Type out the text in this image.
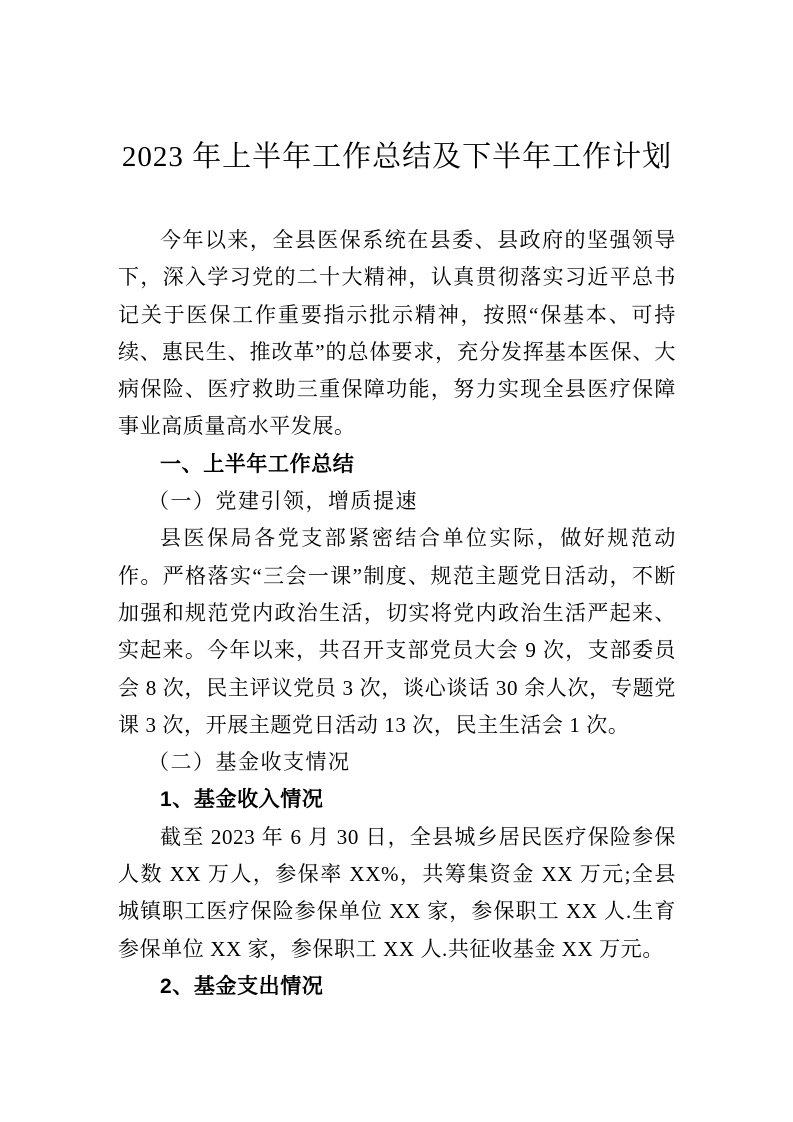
2023 年上半年工作总结及下半年工作计划

今年以来，全县医保系统在县委、县政府的坚强领导下，深入学习党的二十大精神，认真贯彻落实习近平总书记关于医保工作重要指示批示精神，按照“保基本、可持续、惠民生、推改革”的总体要求，充分发挥基本医保、大病保险、医疗救助三重保障功能，努力实现全县医疗保障事业高质量高水平发展。

一、上半年工作总结
（一）党建引领，增质提速

县医保局各党支部紧密结合单位实际，做好规范动作。严格落实“三会一课”制度、规范主题党日活动，不断加强和规范党内政治生活，切实将党内政治生活严起来、实起来。今年以来，共召开支部党员大会 9 次，支部委员会 8 次，民主评议党员 3 次，谈心谈话 30 余人次，专题党课 3 次，开展主题党日活动 13 次，民主生活会 1 次。

（二）基金收支情况
1、基金收入情况

截至 2023 年 6 月 30 日，全县城乡居民医疗保险参保人数 XX 万人，参保率 XX%，共筹集资金 XX 万元;全县城镇职工医疗保险参保单位 XX 家，参保职工 XX 人.生育参保单位 XX 家，参保职工 XX 人.共征收基金 XX 万元。

2、基金支出情况
